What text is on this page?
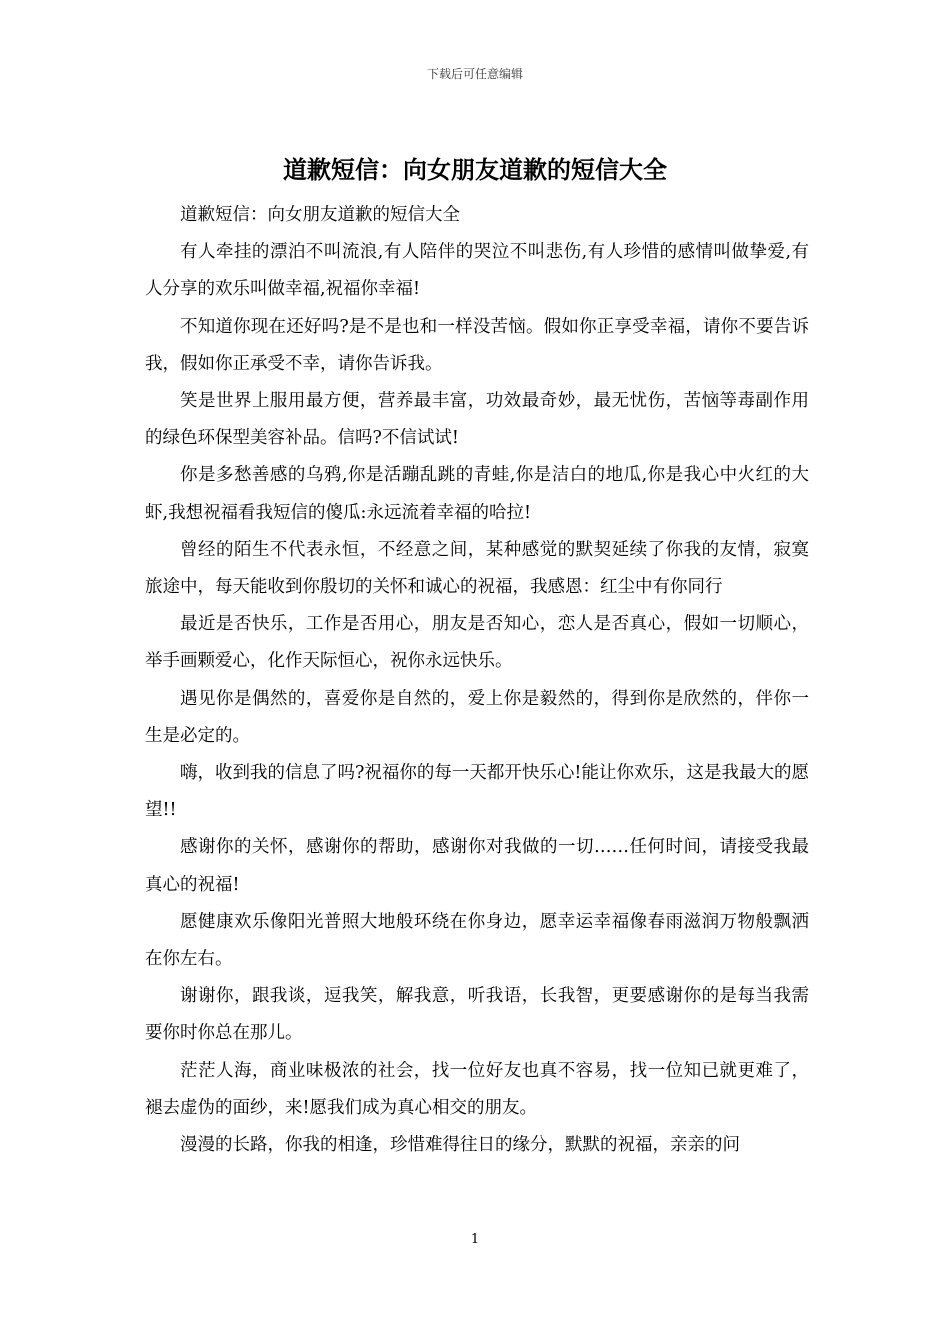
下载后可任意编辑
道歉短信：向女朋友道歉的短信大全

道歉短信：向女朋友道歉的短信大全

有人牵挂的漂泊不叫流浪,有人陪伴的哭泣不叫悲伤,有人珍惜的感情叫做挚爱,有人分享的欢乐叫做幸福,祝福你幸福!

不知道你现在还好吗?是不是也和一样没苦恼。假如你正享受幸福，请你不要告诉我，假如你正承受不幸，请你告诉我。

笑是世界上服用最方便，营养最丰富，功效最奇妙，最无忧伤，苦恼等毒副作用的绿色环保型美容补品。信吗?不信试试!

你是多愁善感的乌鸦,你是活蹦乱跳的青蛙,你是洁白的地瓜,你是我心中火红的大虾,我想祝福看我短信的傻瓜:永远流着幸福的哈拉!

曾经的陌生不代表永恒，不经意之间，某种感觉的默契延续了你我的友情，寂寞旅途中，每天能收到你殷切的关怀和诚心的祝福，我感恩：红尘中有你同行

最近是否快乐，工作是否用心，朋友是否知心，恋人是否真心，假如一切顺心，举手画颗爱心，化作天际恒心，祝你永远快乐。

遇见你是偶然的，喜爱你是自然的，爱上你是毅然的，得到你是欣然的，伴你一生是必定的。

嗨，收到我的信息了吗?祝福你的每一天都开快乐心!能让你欢乐，这是我最大的愿望!!

感谢你的关怀，感谢你的帮助，感谢你对我做的一切……任何时间，请接受我最真心的祝福!

愿健康欢乐像阳光普照大地般环绕在你身边，愿幸运幸福像春雨滋润万物般飘洒在你左右。

谢谢你，跟我谈，逗我笑，解我意，听我语，长我智，更要感谢你的是每当我需要你时你总在那儿。

茫茫人海，商业味极浓的社会，找一位好友也真不容易，找一位知已就更难了，褪去虚伪的面纱，来!愿我们成为真心相交的朋友。

漫漫的长路，你我的相逢，珍惜难得往日的缘分，默默的祝福，亲亲的问

1
